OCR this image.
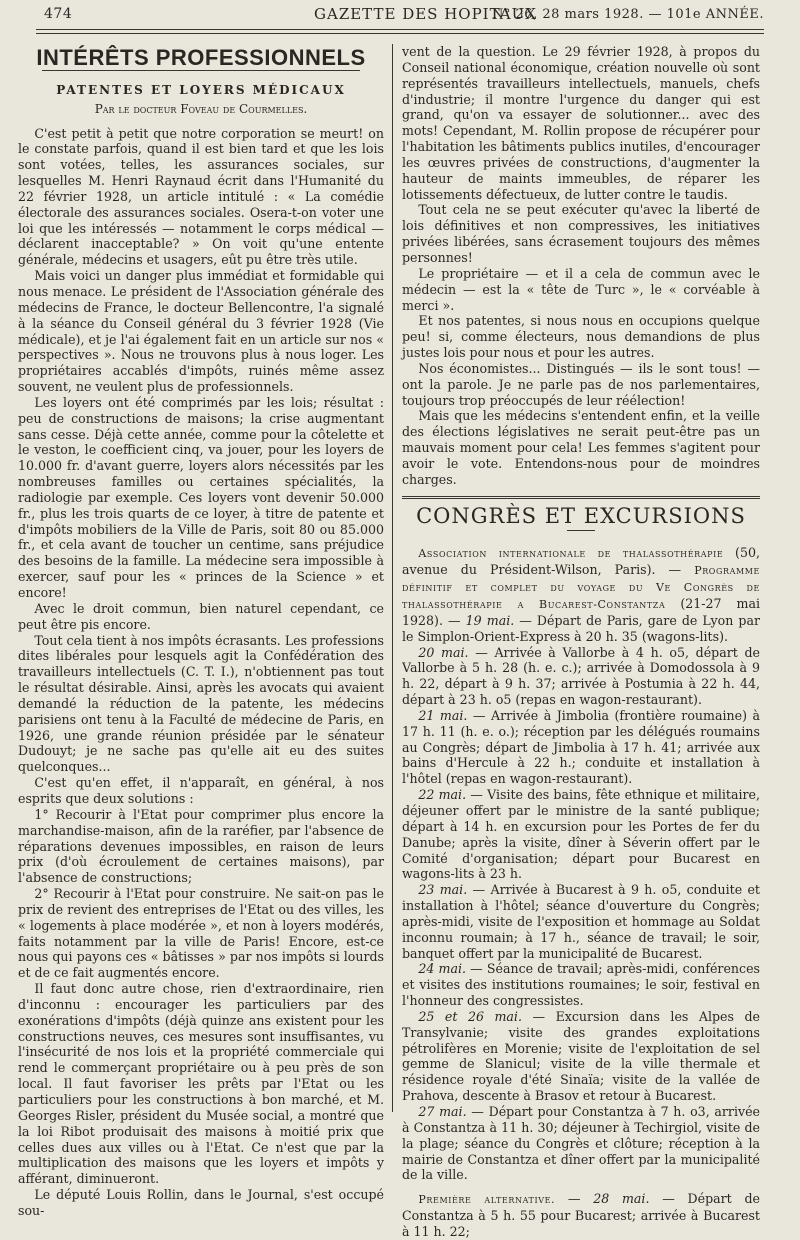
474	GAZETTE DES HOPITAUX
N° 26, 28 mars 1928. — 101e ANNÉE.
INTÉRÊTS PROFESSIONNELS
PATENTES ET LOYERS MÉDICAUX
Par le docteur Foveau de Courmelles.

C'est petit à petit que notre corporation se meurt! on le constate parfois, quand il est bien tard et que les lois sont votées, telles, les assurances sociales, sur lesquelles M. Henri Raynaud écrit dans l'Humanité du 22 février 1928, un article intitulé : « La comédie électorale des assurances sociales. Osera-t-on voter une loi que les intéressés — notamment le corps médical — déclarent inacceptable? » On voit qu'une entente générale, médecins et usagers, eût pu être très utile.

Mais voici un danger plus immédiat et formidable qui nous menace. Le président de l'Association générale des médecins de France, le docteur Bellencontre, l'a signalé à la séance du Conseil général du 3 février 1928 (Vie médicale), et je l'ai également fait en un article sur nos « perspectives ». Nous ne trouvons plus à nous loger. Les propriétaires accablés d'impôts, ruinés même assez souvent, ne veulent plus de professionnels.

Les loyers ont été comprimés par les lois; résultat : peu de constructions de maisons; la crise augmentant sans cesse. Déjà cette année, comme pour la côtelette et le veston, le coefficient cinq, va jouer, pour les loyers de 10.000 fr. d'avant guerre, loyers alors nécessités par les nombreuses familles ou certaines spécialités, la radiologie par exemple. Ces loyers vont devenir 50.000 fr., plus les trois quarts de ce loyer, à titre de patente et d'impôts mobiliers de la Ville de Paris, soit 80 ou 85.000 fr., et cela avant de toucher un centime, sans préjudice des besoins de la famille. La médecine sera impossible à exercer, sauf pour les « princes de la Science » et encore!

Avec le droit commun, bien naturel cependant, ce peut être pis encore.

Tout cela tient à nos impôts écrasants. Les professions dites libérales pour lesquels agit la Confédération des travailleurs intellectuels (C. T. I.), n'obtiennent pas tout le résultat désirable. Ainsi, après les avocats qui avaient demandé la réduction de la patente, les médecins parisiens ont tenu à la Faculté de médecine de Paris, en 1926, une grande réunion présidée par le sénateur Dudouyt; je ne sache pas qu'elle ait eu des suites quelconques...

C'est qu'en effet, il n'apparaît, en général, à nos esprits que deux solutions :

1° Recourir à l'Etat pour comprimer plus encore la marchandise-maison, afin de la raréfier, par l'absence de réparations devenues impossibles, en raison de leurs prix (d'où écroulement de certaines maisons), par l'absence de constructions;

2° Recourir à l'Etat pour construire. Ne sait-on pas le prix de revient des entreprises de l'Etat ou des villes, les « logements à place modérée », et non à loyers modérés, faits notamment par la ville de Paris! Encore, est-ce nous qui payons ces « bâtisses » par nos impôts si lourds et de ce fait augmentés encore.

Il faut donc autre chose, rien d'extraordinaire, rien d'inconnu : encourager les particuliers par des exonérations d'impôts (déjà quinze ans existent pour les constructions neuves, ces mesures sont insuffisantes, vu l'insécurité de nos lois et la propriété commerciale qui rend le commerçant propriétaire ou à peu près de son local. Il faut favoriser les prêts par l'Etat ou les particuliers pour les constructions à bon marché, et M. Georges Risler, président du Musée social, a montré que la loi Ribot produisait des maisons à moitié prix que celles dues aux villes ou à l'Etat. Ce n'est que par la multiplication des maisons que les loyers et impôts y afférant, diminueront.

Le député Louis Rollin, dans le Journal, s'est occupé sou-

vent de la question. Le 29 février 1928, à propos du Conseil national économique, création nouvelle où sont représentés travailleurs intellectuels, manuels, chefs d'industrie; il montre l'urgence du danger qui est grand, qu'on va essayer de solutionner... avec des mots! Cependant, M. Rollin propose de récupérer pour l'habitation les bâtiments publics inutiles, d'encourager les œuvres privées de constructions, d'augmenter la hauteur de maints immeubles, de réparer les lotissements défectueux, de lutter contre le taudis.

Tout cela ne se peut exécuter qu'avec la liberté de lois définitives et non compressives, les initiatives privées libérées, sans écrasement toujours des mêmes personnes!

Le propriétaire — et il a cela de commun avec le médecin — est la « tête de Turc », le « corvéable à merci ».

Et nos patentes, si nous nous en occupions quelque peu! si, comme électeurs, nous demandions de plus justes lois pour nous et pour les autres.

Nos économistes... Distingués — ils le sont tous! — ont la parole. Je ne parle pas de nos parlementaires, toujours trop préoccupés de leur réélection!

Mais que les médecins s'entendent enfin, et la veille des élections législatives ne serait peut-être pas un mauvais moment pour cela! Les femmes s'agitent pour avoir le vote. Entendons-nous pour de moindres charges.

CONGRÈS ET EXCURSIONS

Association internationale de thalassothérapie (50, avenue du Président-Wilson, Paris). — Programme définitif et complet du voyage du Ve Congrès de thalassothérapie a Bucarest-Constantza (21-27 mai 1928). — 19 mai. — Départ de Paris, gare de Lyon par le Simplon-Orient-Express à 20 h. 35 (wagons-lits).

20 mai. — Arrivée à Vallorbe à 4 h. o5, départ de Vallorbe à 5 h. 28 (h. e. c.); arrivée à Domodossola à 9 h. 22, départ à 9 h. 37; arrivée à Postumia à 22 h. 44, départ à 23 h. o5 (repas en wagon-restaurant).

21 mai. — Arrivée à Jimbolia (frontière roumaine) à 17 h. 11 (h. e. o.); réception par les délégués roumains au Congrès; départ de Jimbolia à 17 h. 41; arrivée aux bains d'Hercule à 22 h.; conduite et installation à l'hôtel (repas en wagon-restaurant).

22 mai. — Visite des bains, fête ethnique et militaire, déjeuner offert par le ministre de la santé publique; départ à 14 h. en excursion pour les Portes de fer du Danube; après la visite, dîner à Séverin offert par le Comité d'organisation; départ pour Bucarest en wagons-lits à 23 h.

23 mai. — Arrivée à Bucarest à 9 h. o5, conduite et installation à l'hôtel; séance d'ouverture du Congrès; après-midi, visite de l'exposition et hommage au Soldat inconnu roumain; à 17 h., séance de travail; le soir, banquet offert par la municipalité de Bucarest.

24 mai. — Séance de travail; après-midi, conférences et visites des institutions roumaines; le soir, festival en l'honneur des congressistes.

25 et 26 mai. — Excursion dans les Alpes de Transylvanie; visite des grandes exploitations pétrolifères en Morenie; visite de l'exploitation de sel gemme de Slanicul; visite de la ville thermale et résidence royale d'été Sinaïa; visite de la vallée de Prahova, descente à Brasov et retour à Bucarest.

27 mai. — Départ pour Constantza à 7 h. o3, arrivée à Constantza à 11 h. 30; déjeuner à Techirgiol, visite de la plage; séance du Congrès et clôture; réception à la mairie de Constantza et dîner offert par la municipalité de la ville.

Première alternative. — 28 mai. — Départ de Constantza à 5 h. 55 pour Bucarest; arrivée à Bucarest à 11 h. 22;
